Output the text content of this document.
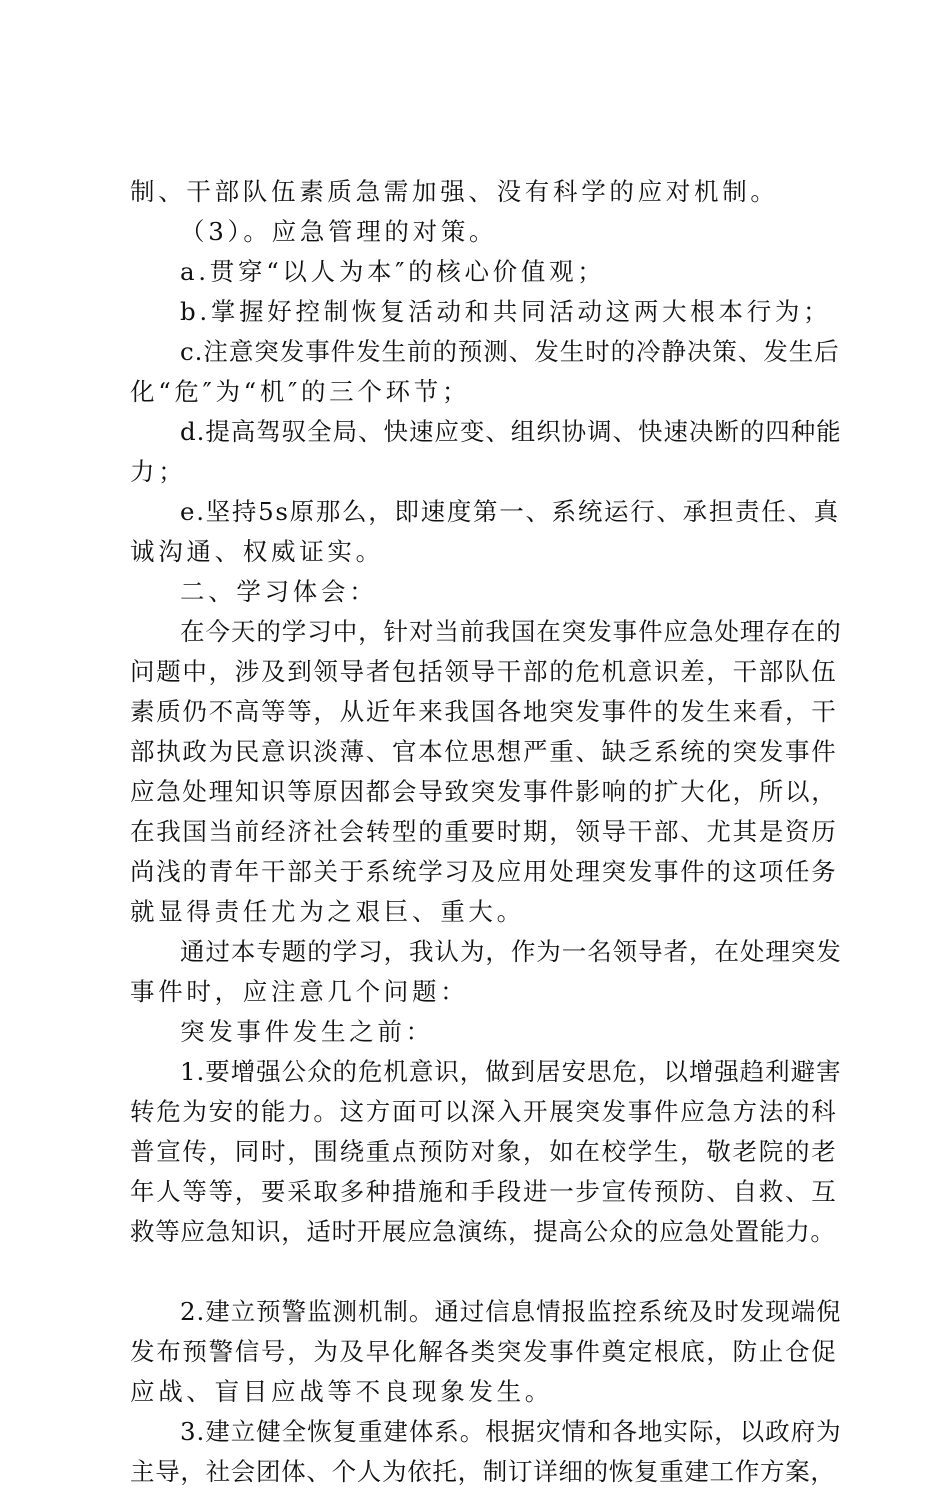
制、干部队伍素质急需加强、没有科学的应对机制。
（3）。应急管理的对策。
a.贯穿“以人为本″的核心价值观；
b.掌握好控制恢复活动和共同活动这两大根本行为；
c.注意突发事件发生前的预测、发生时的冷静决策、发生后
化“危″为“机″的三个环节；
d.提高驾驭全局、快速应变、组织协调、快速决断的四种能
力；
e.坚持5s原那么，即速度第一、系统运行、承担责任、真
诚沟通、权威证实。
二、学习体会：
在今天的学习中，针对当前我国在突发事件应急处理存在的
问题中，涉及到领导者包括领导干部的危机意识差，干部队伍
素质仍不高等等，从近年来我国各地突发事件的发生来看，干
部执政为民意识淡薄、官本位思想严重、缺乏系统的突发事件
应急处理知识等原因都会导致突发事件影响的扩大化，所以，
在我国当前经济社会转型的重要时期，领导干部、尤其是资历
尚浅的青年干部关于系统学习及应用处理突发事件的这项任务
就显得责任尤为之艰巨、重大。
通过本专题的学习，我认为，作为一名领导者，在处理突发
事件时，应注意几个问题：
突发事件发生之前：
1.要增强公众的危机意识，做到居安思危，以增强趋利避害
转危为安的能力。这方面可以深入开展突发事件应急方法的科
普宣传，同时，围绕重点预防对象，如在校学生，敬老院的老
年人等等，要采取多种措施和手段进一步宣传预防、自救、互
救等应急知识，适时开展应急演练，提高公众的应急处置能力。
2.建立预警监测机制。通过信息情报监控系统及时发现端倪
发布预警信号，为及早化解各类突发事件奠定根底，防止仓促
应战、盲目应战等不良现象发生。
3.建立健全恢复重建体系。根据灾情和各地实际，以政府为
主导，社会团体、个人为依托，制订详细的恢复重建工作方案，
